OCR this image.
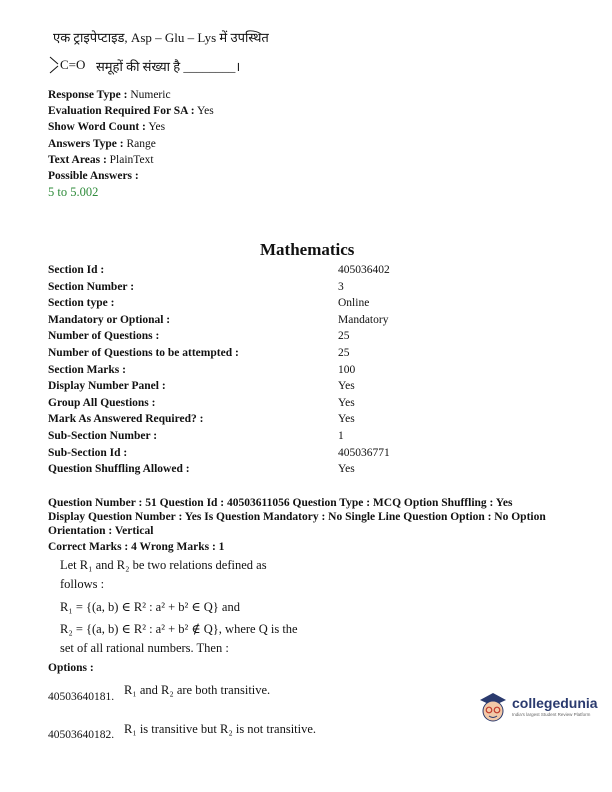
एक ट्राइपेप्टाइड, Asp – Glu – Lys में उपस्थित
C=O समूहों की संख्या है ________।
Response Type : Numeric
Evaluation Required For SA : Yes
Show Word Count : Yes
Answers Type : Range
Text Areas : PlainText
Possible Answers :
5 to 5.002
Mathematics
Section Id :	405036402
Section Number :	3
Section type :	Online
Mandatory or Optional :	Mandatory
Number of Questions :	25
Number of Questions to be attempted :	25
Section Marks :	100
Display Number Panel :	Yes
Group All Questions :	Yes
Mark As Answered Required? :	Yes
Sub-Section Number :	1
Sub-Section Id :	405036771
Question Shuffling Allowed :	Yes
Question Number : 51 Question Id : 40503611056 Question Type : MCQ Option Shuffling : Yes
Display Question Number : Yes Is Question Mandatory : No Single Line Question Option : No Option
Orientation : Vertical
Correct Marks : 4 Wrong Marks : 1
Let R₁ and R₂ be two relations defined as
follows :
R₁ = {(a, b) ∈ R² : a² + b² ∈ Q} and
R₂ = {(a, b) ∈ R² : a² + b² ∉ Q}, where Q is the
set of all rational numbers. Then :
Options :
40503640181. R₁ and R₂ are both transitive.
40503640182. R₁ is transitive but R₂ is not transitive.
collegedunia
India's largest Student Review Platform
